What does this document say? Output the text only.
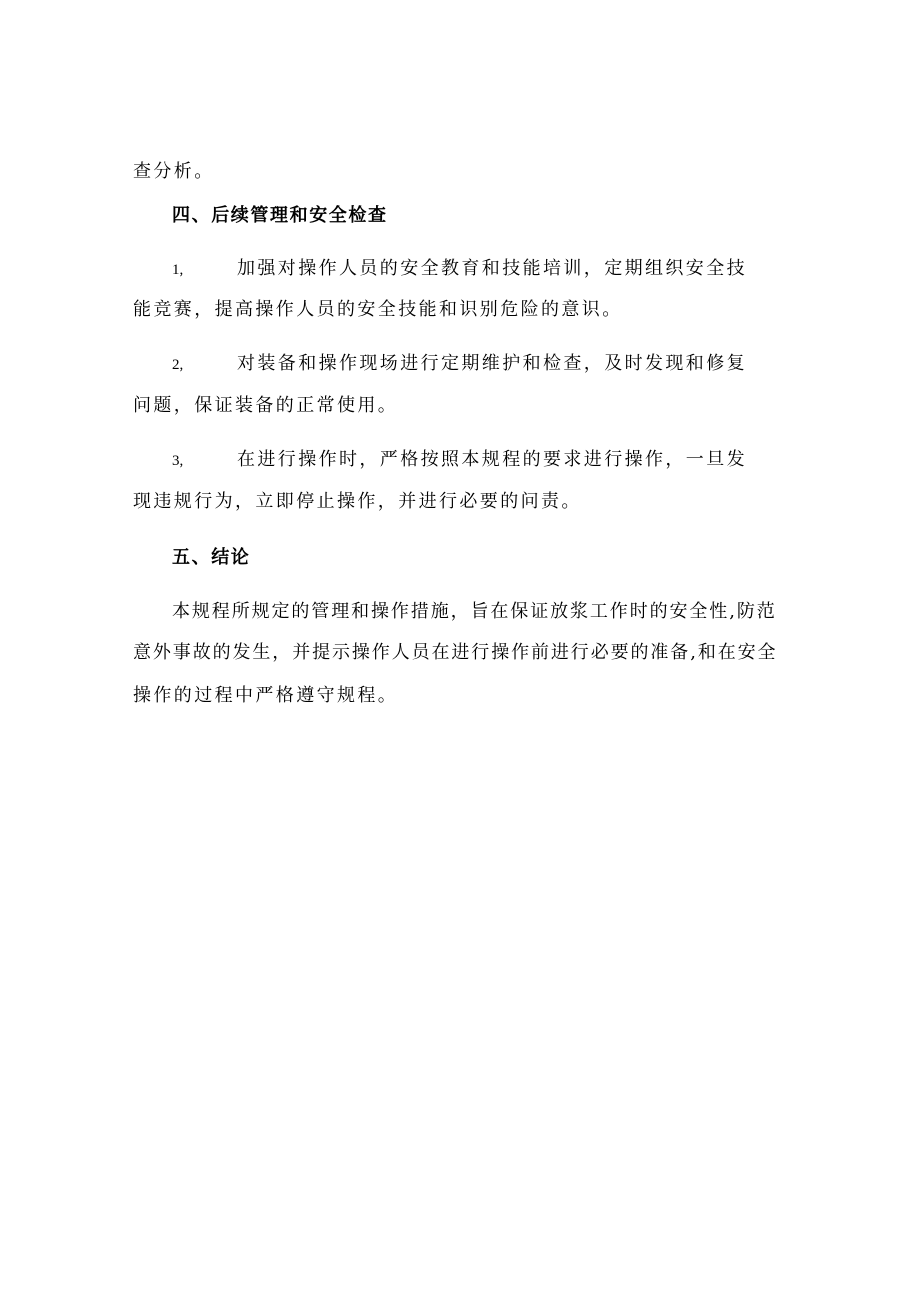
查分析。
四、后续管理和安全检查
1,	加强对操作人员的安全教育和技能培训，定期组织安全技
能竞赛，提高操作人员的安全技能和识别危险的意识。
2,	对装备和操作现场进行定期维护和检查，及时发现和修复
问题，保证装备的正常使用。
3,	在进行操作时，严格按照本规程的要求进行操作，一旦发
现违规行为，立即停止操作，并进行必要的问责。
五、结论
本规程所规定的管理和操作措施，旨在保证放浆工作时的安全性,防范
意外事故的发生，并提示操作人员在进行操作前进行必要的准备,和在安全
操作的过程中严格遵守规程。
